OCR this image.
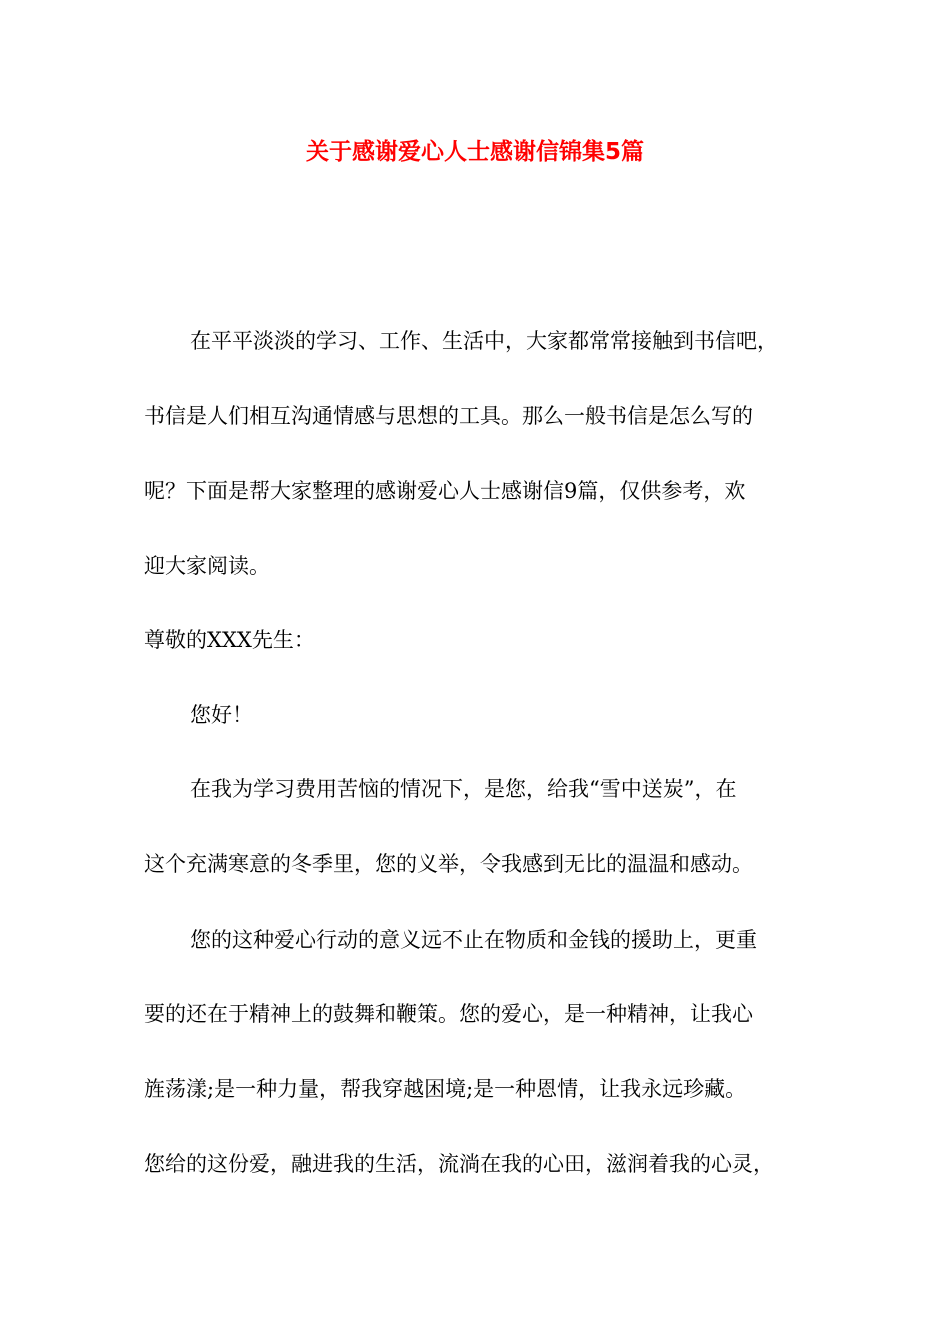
关于感谢爱心人士感谢信锦集5篇
在平平淡淡的学习、工作、生活中，大家都常常接触到书信吧，
书信是人们相互沟通情感与思想的工具。那么一般书信是怎么写的
呢？下面是帮大家整理的感谢爱心人士感谢信9篇，仅供参考，欢
迎大家阅读。
尊敬的XXX先生：
您好！
在我为学习费用苦恼的情况下，是您，给我“雪中送炭”，在
这个充满寒意的冬季里，您的义举，令我感到无比的温温和感动。
您的这种爱心行动的意义远不止在物质和金钱的援助上，更重
要的还在于精神上的鼓舞和鞭策。您的爱心，是一种精神，让我心
旌荡漾;是一种力量，帮我穿越困境;是一种恩情，让我永远珍藏。
您给的这份爱，融进我的生活，流淌在我的心田，滋润着我的心灵，
